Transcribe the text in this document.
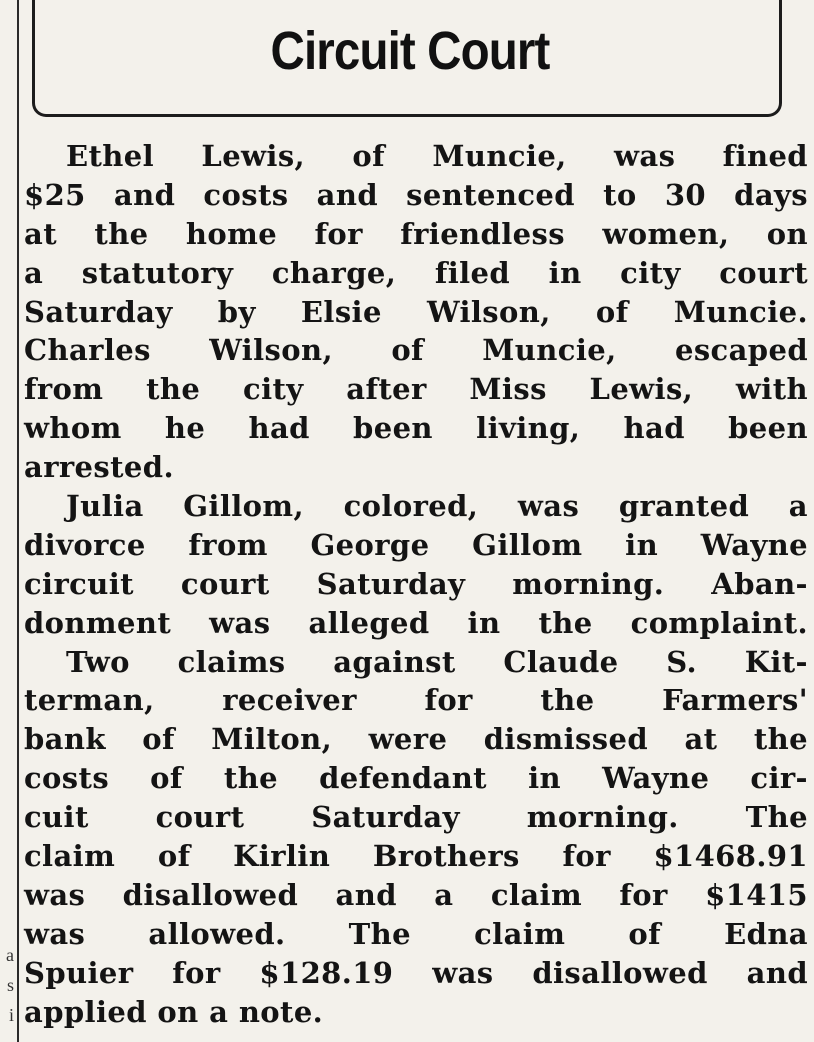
a
s
i
Circuit Court
Ethel Lewis, of Muncie, was fined
$25 and costs and sentenced to 30 days
at the home for friendless women, on
a statutory charge, filed in city court
Saturday by Elsie Wilson, of Muncie.
Charles Wilson, of Muncie, escaped
from the city after Miss Lewis, with
whom he had been living, had been
arrested.
Julia Gillom, colored, was granted a
divorce from George Gillom in Wayne
circuit court Saturday morning. Aban-
donment was alleged in the complaint.
Two claims against Claude S. Kit-
terman, receiver for the Farmers'
bank of Milton, were dismissed at the
costs of the defendant in Wayne cir-
cuit court Saturday morning. The
claim of Kirlin Brothers for $1468.91
was disallowed and a claim for $1415
was allowed. The claim of Edna
Spuier for $128.19 was disallowed and
applied on a note.
